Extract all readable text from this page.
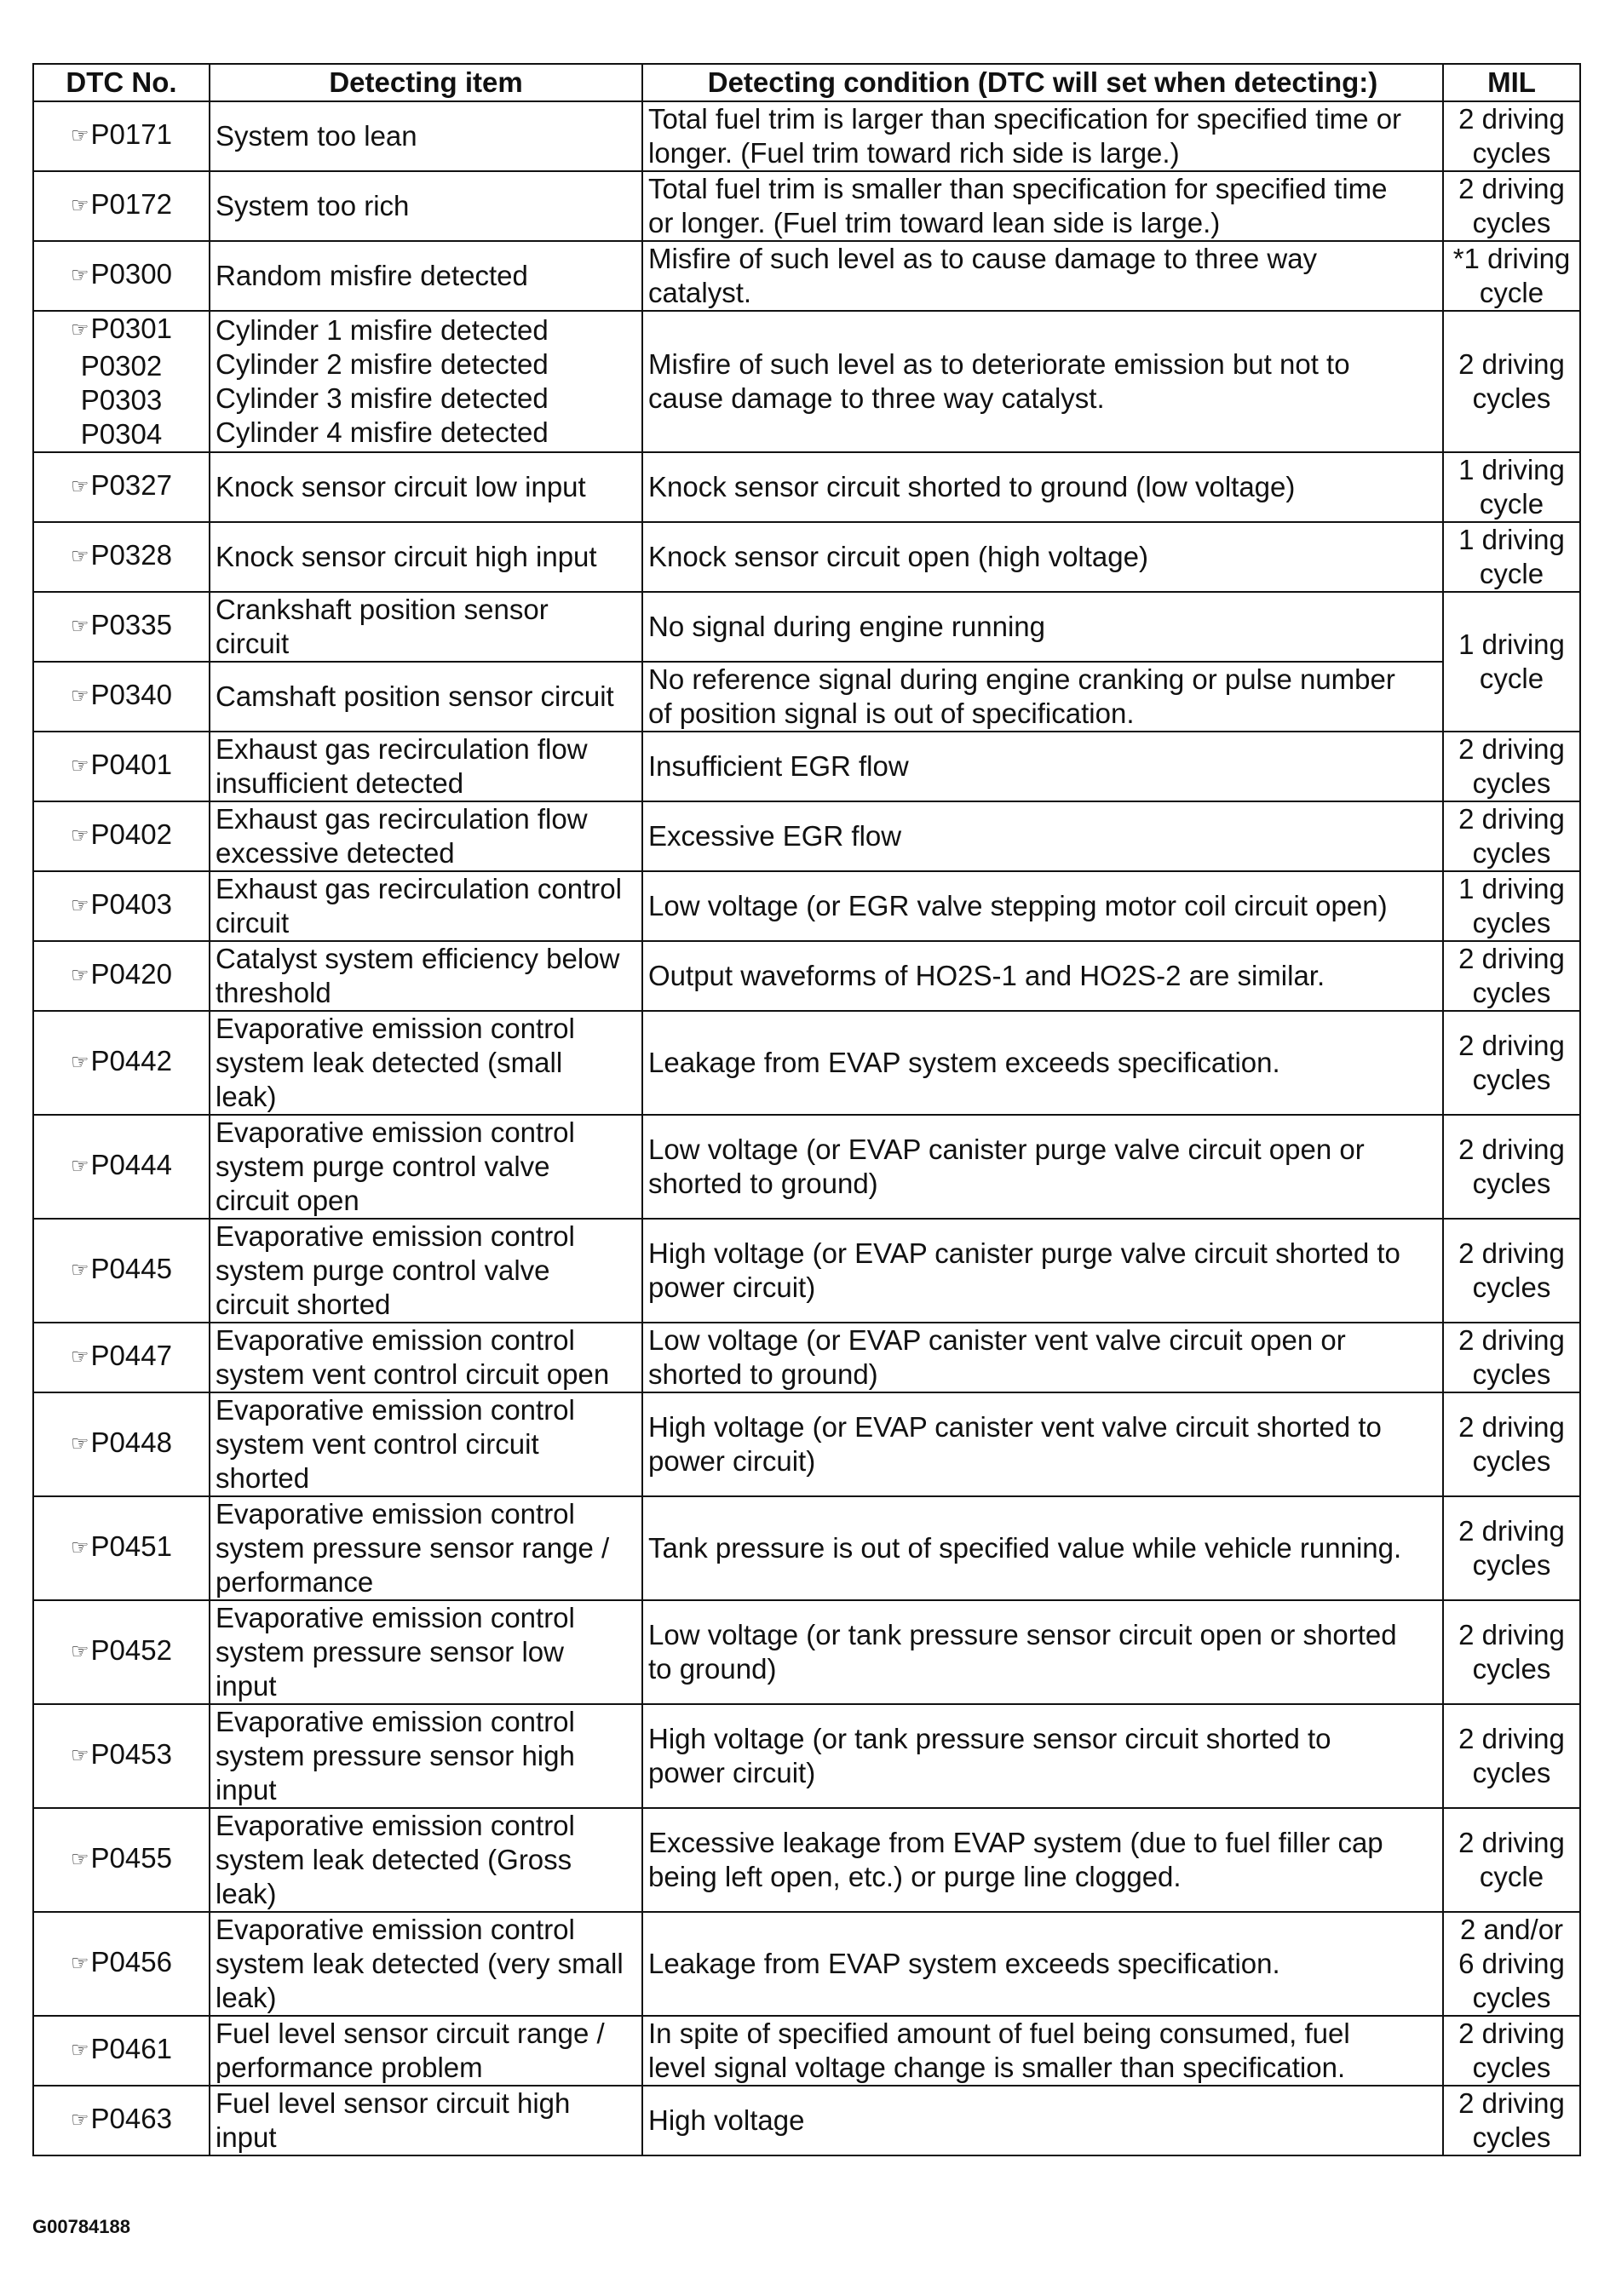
DTC No.	Detecting item	Detecting condition (DTC will set when detecting:)	MIL
☞P0171	System too lean	Total fuel trim is larger than specification for specified time or
longer. (Fuel trim toward rich side is large.)	2 driving
cycles
☞P0172	System too rich	Total fuel trim is smaller than specification for specified time
or longer. (Fuel trim toward lean side is large.)	2 driving
cycles
☞P0300	Random misfire detected	Misfire of such level as to cause damage to three way
catalyst.	*1 driving
cycle
☞P0301
P0302
P0303
P0304	Cylinder 1 misfire detected
Cylinder 2 misfire detected
Cylinder 3 misfire detected
Cylinder 4 misfire detected	Misfire of such level as to deteriorate emission but not to
cause damage to three way catalyst.	2 driving
cycles
☞P0327	Knock sensor circuit low input	Knock sensor circuit shorted to ground (low voltage)	1 driving
cycle
☞P0328	Knock sensor circuit high input	Knock sensor circuit open (high voltage)	1 driving
cycle
☞P0335	Crankshaft position sensor
circuit	No signal during engine running	1 driving
cycle
☞P0340	Camshaft position sensor circuit	No reference signal during engine cranking or pulse number
of position signal is out of specification.	
☞P0401	Exhaust gas recirculation flow
insufficient detected	Insufficient EGR flow	2 driving
cycles
☞P0402	Exhaust gas recirculation flow
excessive detected	Excessive EGR flow	2 driving
cycles
☞P0403	Exhaust gas recirculation control
circuit	Low voltage (or EGR valve stepping motor coil circuit open)	1 driving
cycles
☞P0420	Catalyst system efficiency below
threshold	Output waveforms of HO2S-1 and HO2S-2 are similar.	2 driving
cycles
☞P0442	Evaporative emission control
system leak detected (small
leak)	Leakage from EVAP system exceeds specification.	2 driving
cycles
☞P0444	Evaporative emission control
system purge control valve
circuit open	Low voltage (or EVAP canister purge valve circuit open or
shorted to ground)	2 driving
cycles
☞P0445	Evaporative emission control
system purge control valve
circuit shorted	High voltage (or EVAP canister purge valve circuit shorted to
power circuit)	2 driving
cycles
☞P0447	Evaporative emission control
system vent control circuit open	Low voltage (or EVAP canister vent valve circuit open or
shorted to ground)	2 driving
cycles
☞P0448	Evaporative emission control
system vent control circuit
shorted	High voltage (or EVAP canister vent valve circuit shorted to
power circuit)	2 driving
cycles
☞P0451	Evaporative emission control
system pressure sensor range /
performance	Tank pressure is out of specified value while vehicle running.	2 driving
cycles
☞P0452	Evaporative emission control
system pressure sensor low
input	Low voltage (or tank pressure sensor circuit open or shorted
to ground)	2 driving
cycles
☞P0453	Evaporative emission control
system pressure sensor high
input	High voltage (or tank pressure sensor circuit shorted to
power circuit)	2 driving
cycles
☞P0455	Evaporative emission control
system leak detected (Gross
leak)	Excessive leakage from EVAP system (due to fuel filler cap
being left open, etc.) or purge line clogged.	2 driving
cycle
☞P0456	Evaporative emission control
system leak detected (very small
leak)	Leakage from EVAP system exceeds specification.	2 and/or
6 driving
cycles
☞P0461	Fuel level sensor circuit range /
performance problem	In spite of specified amount of fuel being consumed, fuel
level signal voltage change is smaller than specification.	2 driving
cycles
☞P0463	Fuel level sensor circuit high
input	High voltage	2 driving
cycles
G00784188
